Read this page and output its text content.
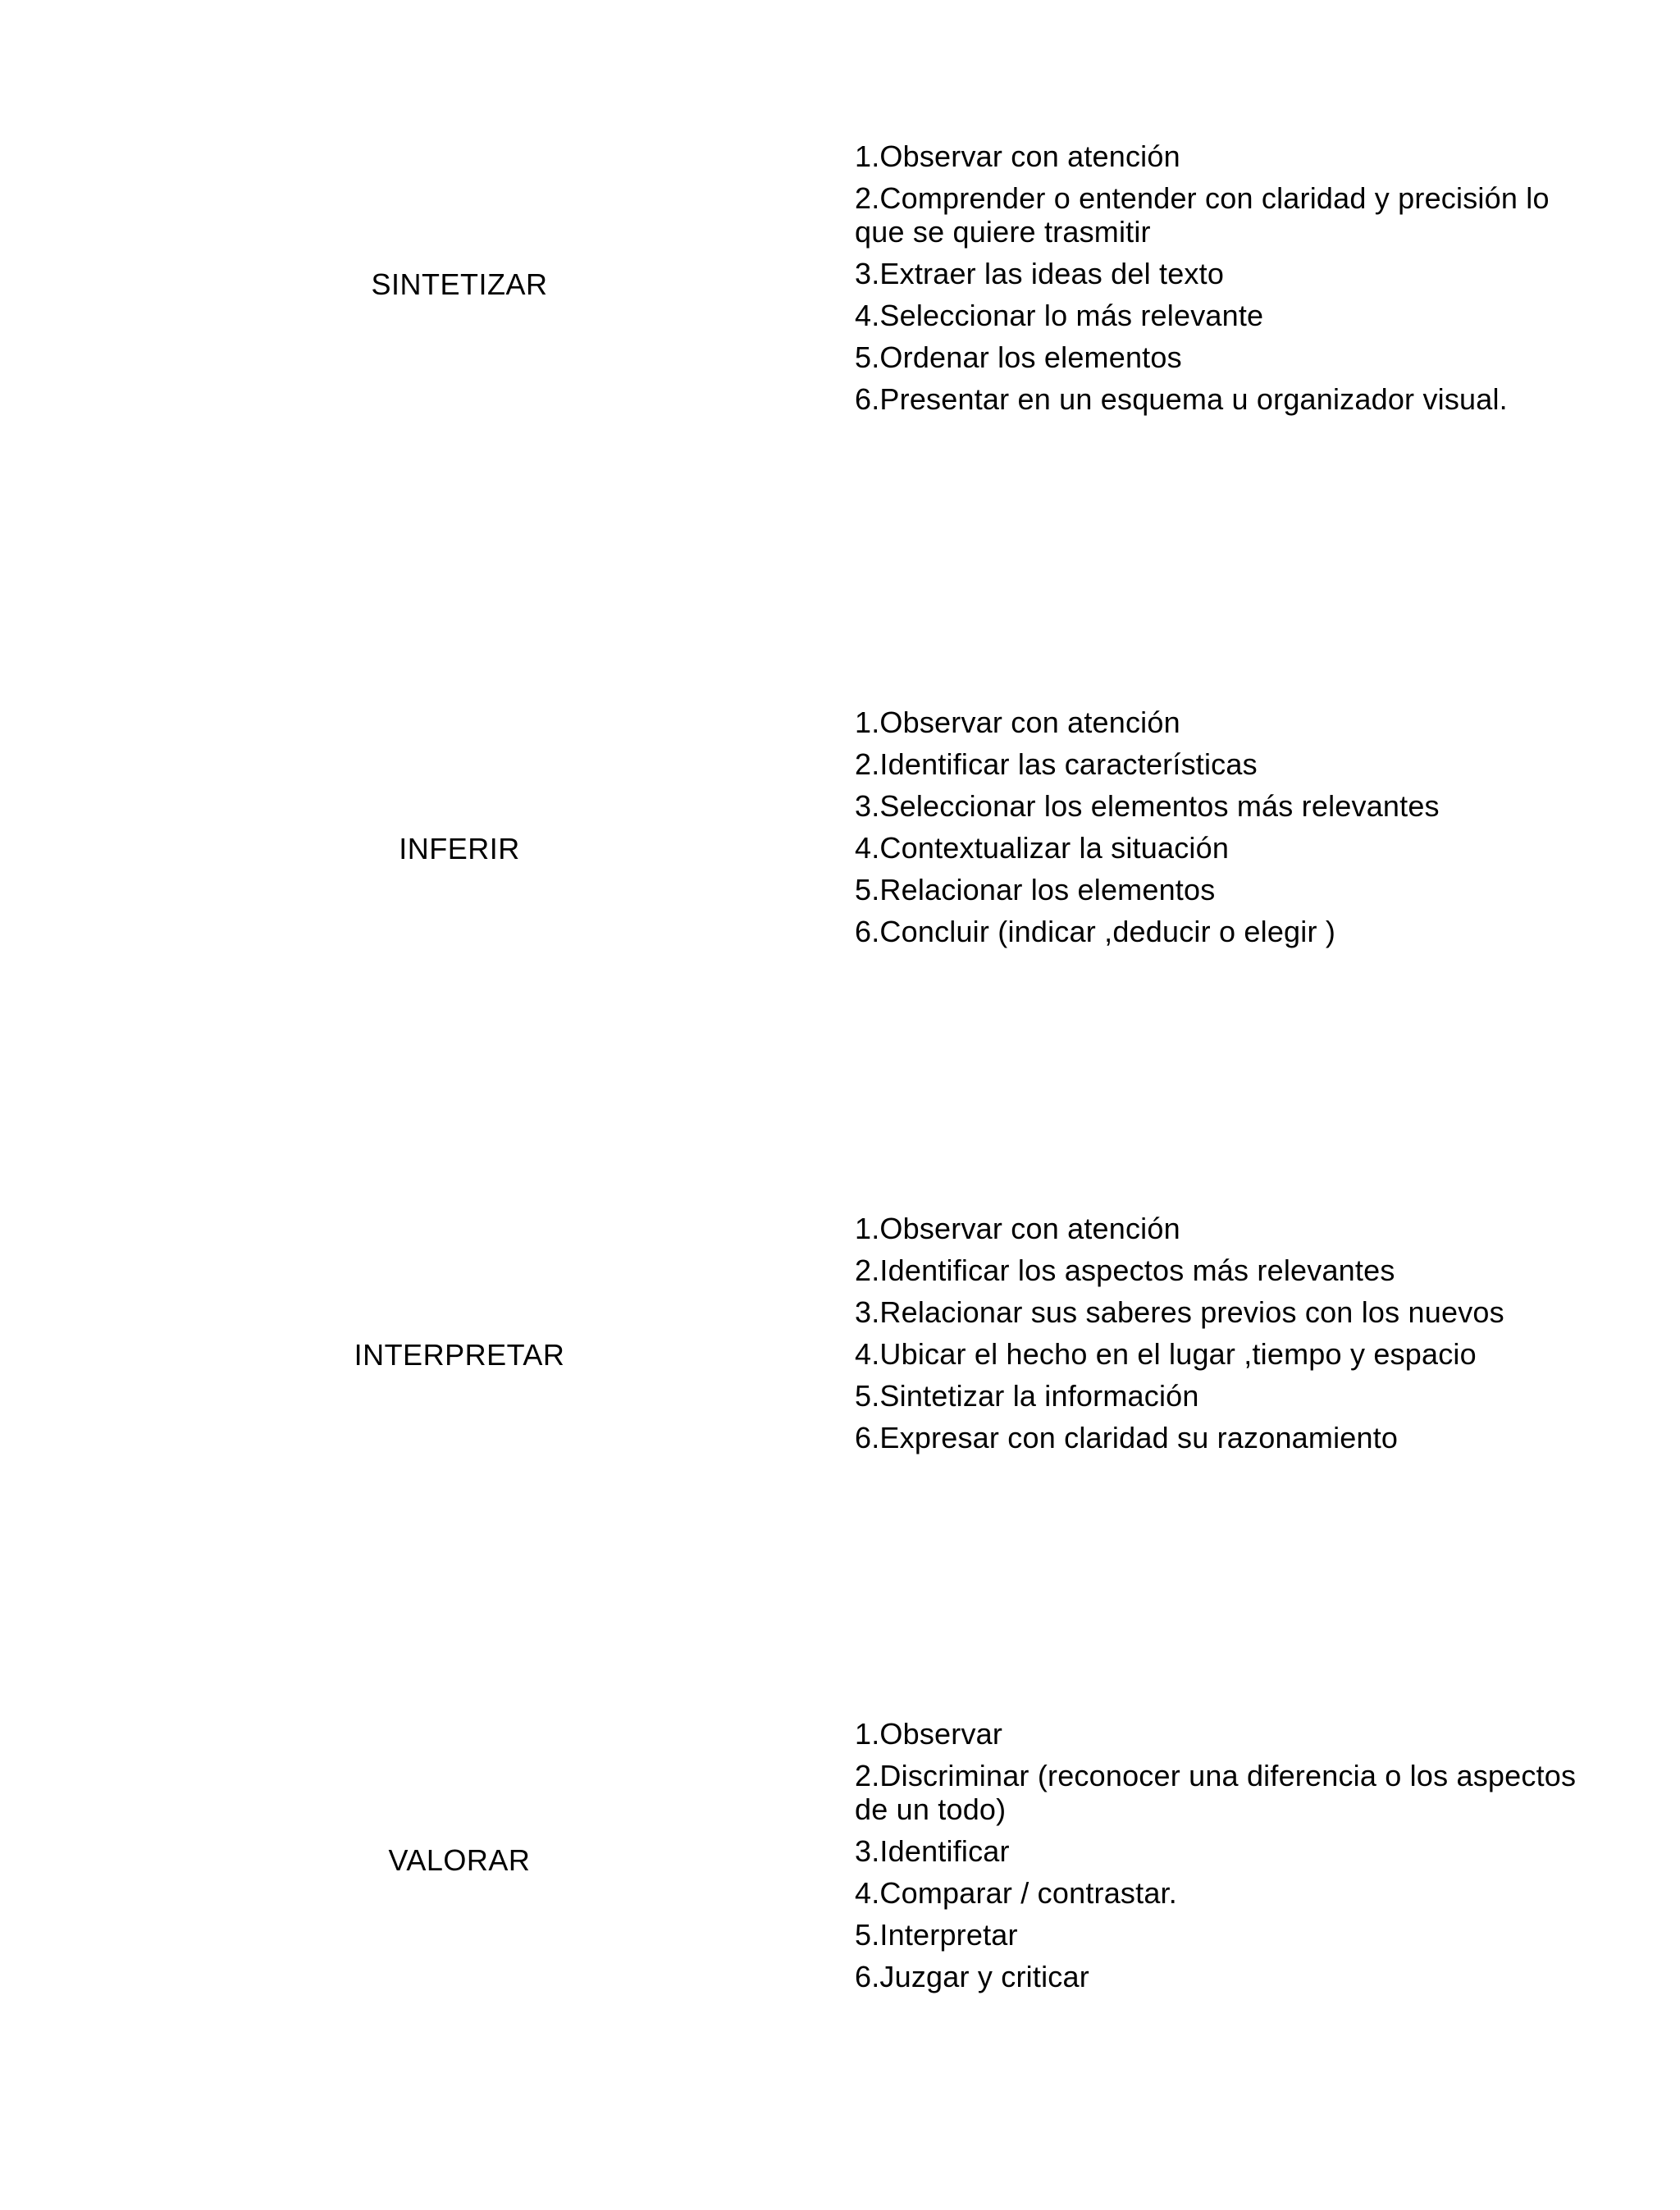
SINTETIZAR
1.Observar con atención
2.Comprender o entender con claridad y precisión lo que se quiere trasmitir
3.Extraer las ideas del texto
4.Seleccionar lo más relevante
5.Ordenar los elementos
6.Presentar en un esquema u organizador visual.
INFERIR
1.Observar con atención
2.Identificar las características
3.Seleccionar los elementos más relevantes
4.Contextualizar la situación
5.Relacionar los elementos
6.Concluir (indicar ,deducir o elegir )
INTERPRETAR
1.Observar con atención
2.Identificar los aspectos más relevantes
3.Relacionar sus saberes previos con los nuevos
4.Ubicar el hecho en el lugar ,tiempo y espacio
5.Sintetizar la información
6.Expresar con claridad su razonamiento
VALORAR
1.Observar
2.Discriminar (reconocer una diferencia o los aspectos de un todo)
3.Identificar
4.Comparar / contrastar.
5.Interpretar
6.Juzgar y criticar
